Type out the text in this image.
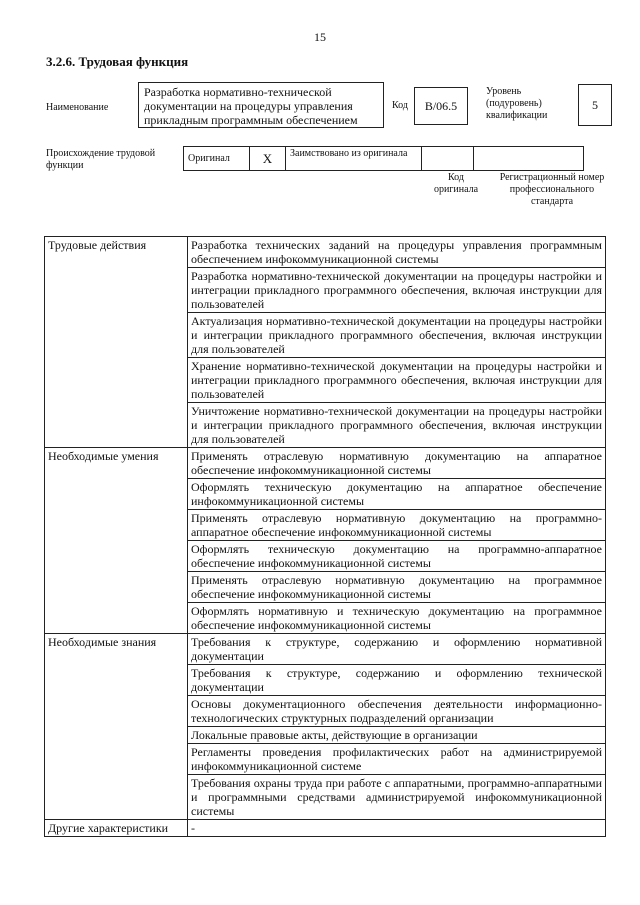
15
3.2.6. Трудовая функция
Наименование
Разработка нормативно-технической документации на процедуры управления прикладным программным обеспечением
Код	В/06.5
Уровень (подуровень) квалификации
5
Происхождение трудовой функции
Оригинал	X	Заимствовано из оригинала		
Код оригинала
Регистрационный номер профессионального стандарта
Трудовые действия	Разработка технических заданий на процедуры управления программным обеспечением инфокоммуникационной системы
	Разработка нормативно-технической документации на процедуры настройки и интеграции прикладного программного обеспечения, включая инструкции для пользователей
	Актуализация нормативно-технической документации на процедуры настройки и интеграции прикладного программного обеспечения, включая инструкции для пользователей
	Хранение нормативно-технической документации на процедуры настройки и интеграции прикладного программного обеспечения, включая инструкции для пользователей
	Уничтожение нормативно-технической документации на процедуры настройки и интеграции прикладного программного обеспечения, включая инструкции для пользователей
Необходимые умения	Применять отраслевую нормативную документацию на аппаратное обеспечение инфокоммуникационной системы
	Оформлять техническую документацию на аппаратное обеспечение инфокоммуникационной системы
	Применять отраслевую нормативную документацию на программно-аппаратное обеспечение инфокоммуникационной системы
	Оформлять техническую документацию на программно-аппаратное обеспечение инфокоммуникационной системы
	Применять отраслевую нормативную документацию на программное обеспечение инфокоммуникационной системы
	Оформлять нормативную и техническую документацию на программное обеспечение инфокоммуникационной системы
Необходимые знания	Требования к структуре, содержанию и оформлению нормативной документации
	Требования к структуре, содержанию и оформлению технической документации
	Основы документационного обеспечения деятельности информационно-технологических структурных подразделений организации
	Локальные правовые акты, действующие в организации
	Регламенты проведения профилактических работ на администрируемой инфокоммуникационной системе
	Требования охраны труда при работе с аппаратными, программно-аппаратными и программными средствами администрируемой инфокоммуникационной системы
Другие характеристики	-
